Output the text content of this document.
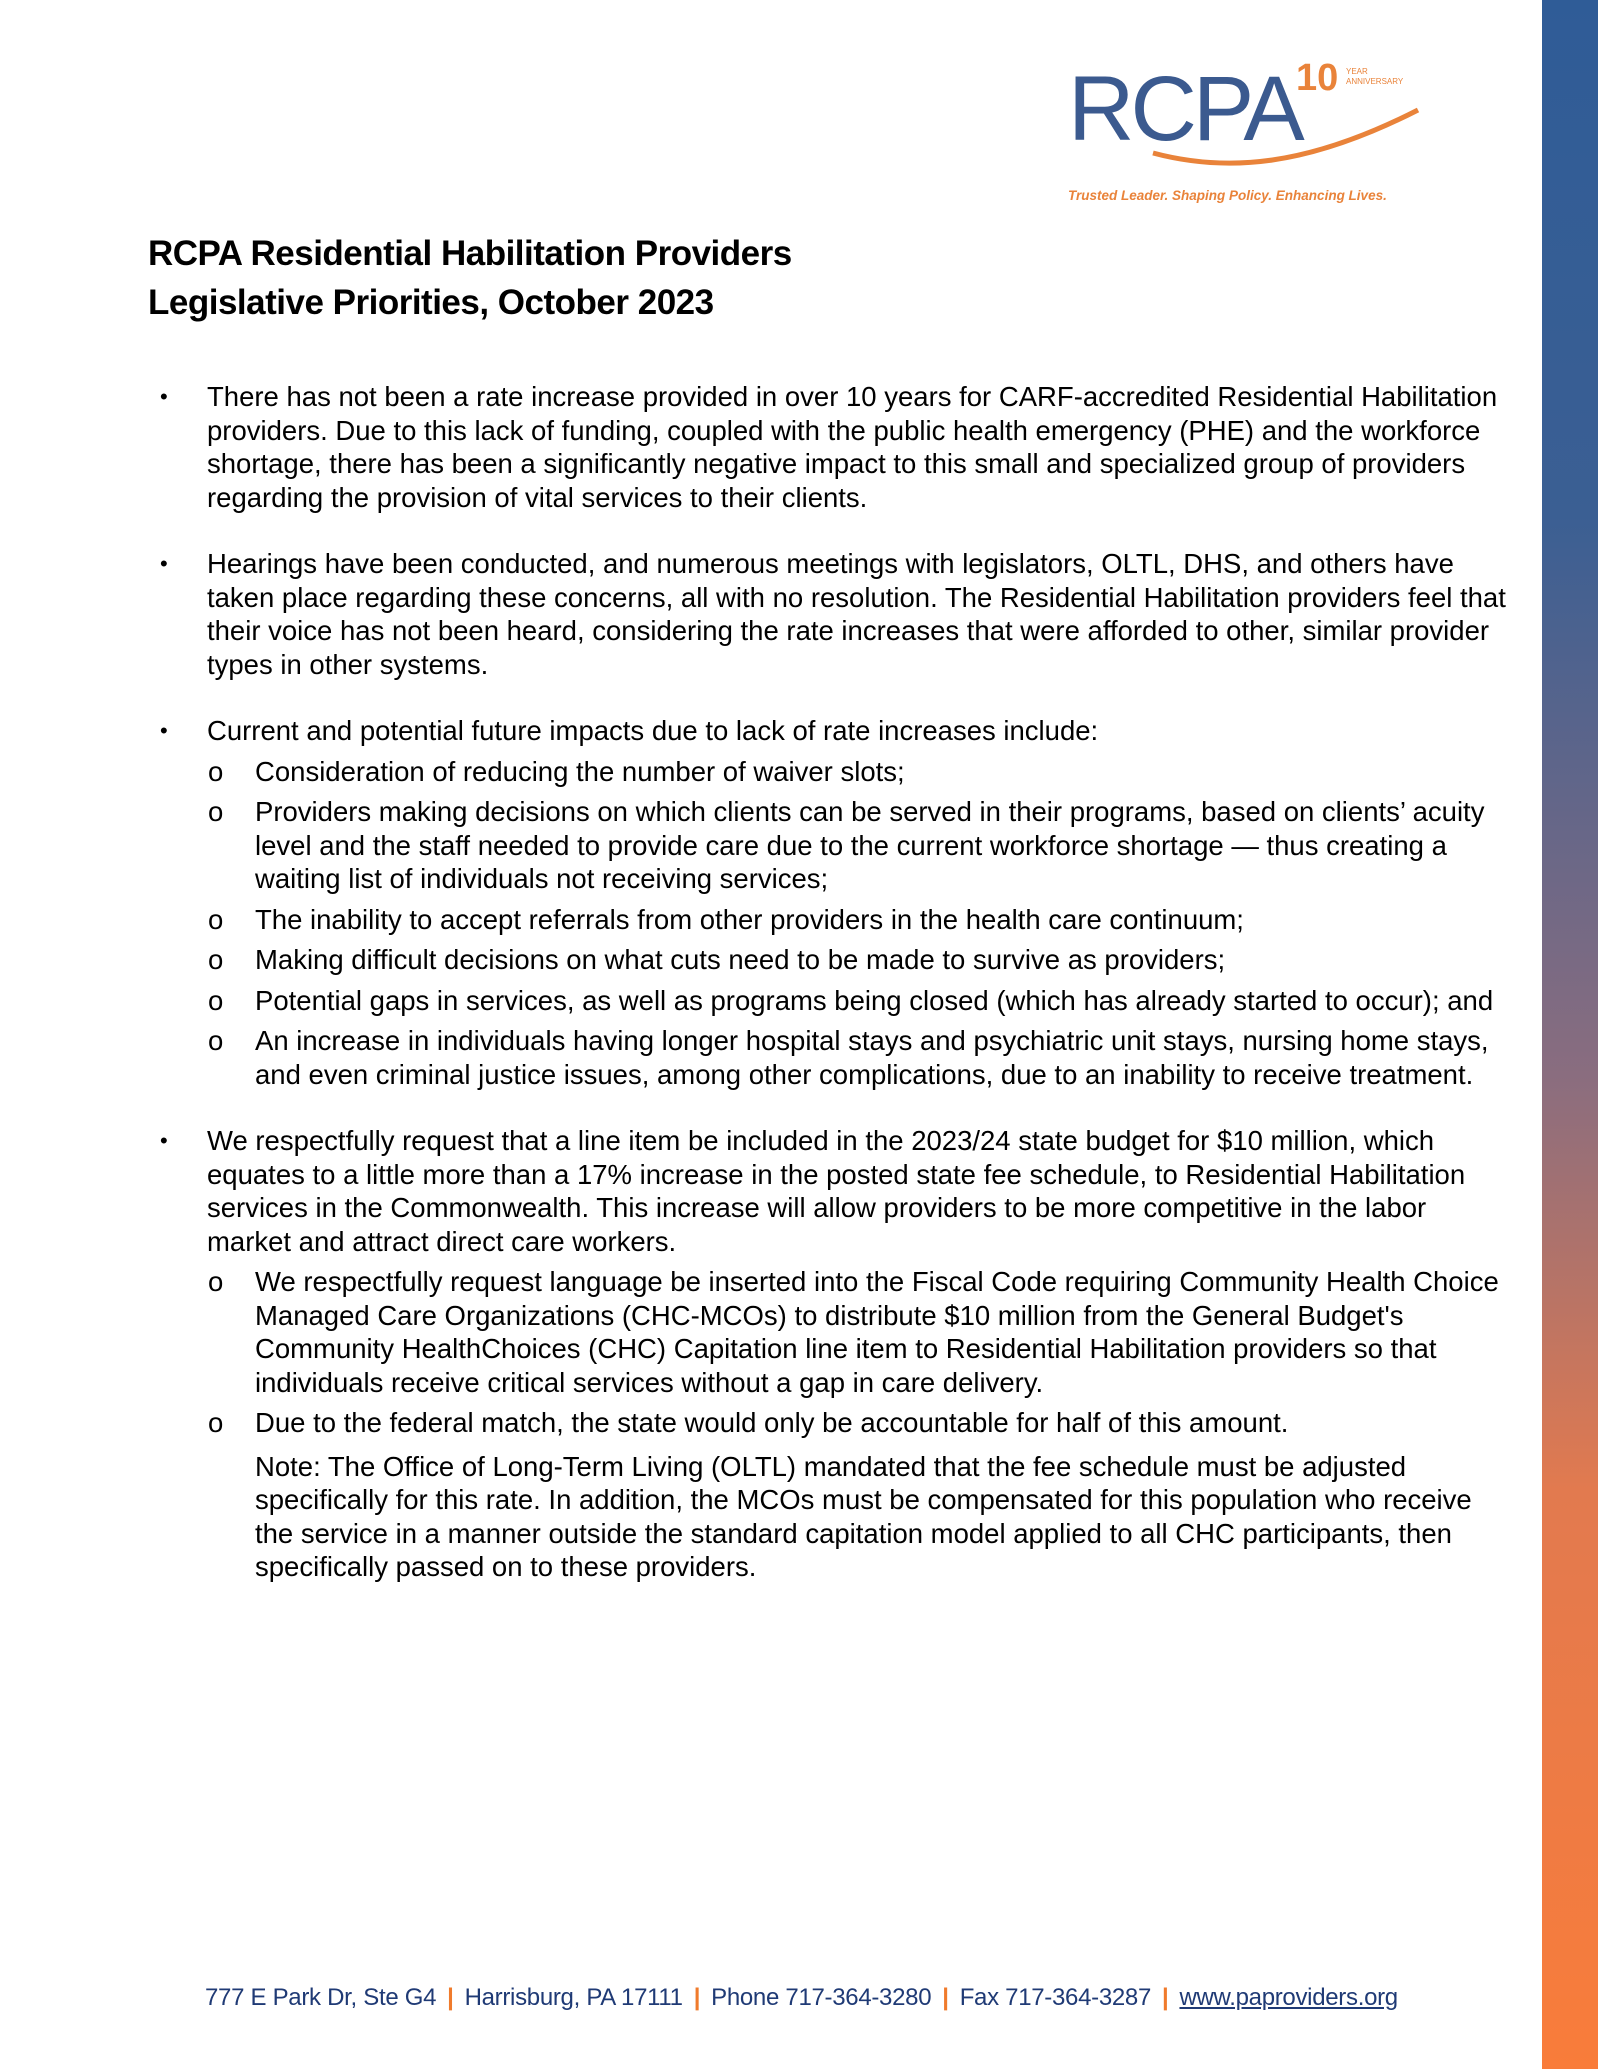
RCPA
10 YEAR
ANNIVERSARY
Trusted Leader. Shaping Policy. Enhancing Lives.
RCPA Residential Habilitation Providers
Legislative Priorities, October 2023
• There has not been a rate increase provided in over 10 years for CARF-accredited Residential Habilitation providers. Due to this lack of funding, coupled with the public health emergency (PHE) and the workforce shortage, there has been a significantly negative impact to this small and specialized group of providers regarding the provision of vital services to their clients.
• Hearings have been conducted, and numerous meetings with legislators, OLTL, DHS, and others have taken place regarding these concerns, all with no resolution. The Residential Habilitation providers feel that their voice has not been heard, considering the rate increases that were afforded to other, similar provider types in other systems.
• Current and potential future impacts due to lack of rate increases include:
o Consideration of reducing the number of waiver slots;
o Providers making decisions on which clients can be served in their programs, based on clients’ acuity level and the staff needed to provide care due to the current workforce shortage — thus creating a waiting list of individuals not receiving services;
o The inability to accept referrals from other providers in the health care continuum;
o Making difficult decisions on what cuts need to be made to survive as providers;
o Potential gaps in services, as well as programs being closed (which has already started to occur); and
o An increase in individuals having longer hospital stays and psychiatric unit stays, nursing home stays, and even criminal justice issues, among other complications, due to an inability to receive treatment.
• We respectfully request that a line item be included in the 2023/24 state budget for $10 million, which equates to a little more than a 17% increase in the posted state fee schedule, to Residential Habilitation services in the Commonwealth. This increase will allow providers to be more competitive in the labor market and attract direct care workers.
o We respectfully request language be inserted into the Fiscal Code requiring Community Health Choice Managed Care Organizations (CHC-MCOs) to distribute $10 million from the General Budget's Community HealthChoices (CHC) Capitation line item to Residential Habilitation providers so that individuals receive critical services without a gap in care delivery.
o Due to the federal match, the state would only be accountable for half of this amount.
Note: The Office of Long-Term Living (OLTL) mandated that the fee schedule must be adjusted specifically for this rate. In addition, the MCOs must be compensated for this population who receive the service in a manner outside the standard capitation model applied to all CHC participants, then specifically passed on to these providers.
777 E Park Dr, Ste G4 | Harrisburg, PA 17111 | Phone 717-364-3280 | Fax 717-364-3287 | www.paproviders.org
